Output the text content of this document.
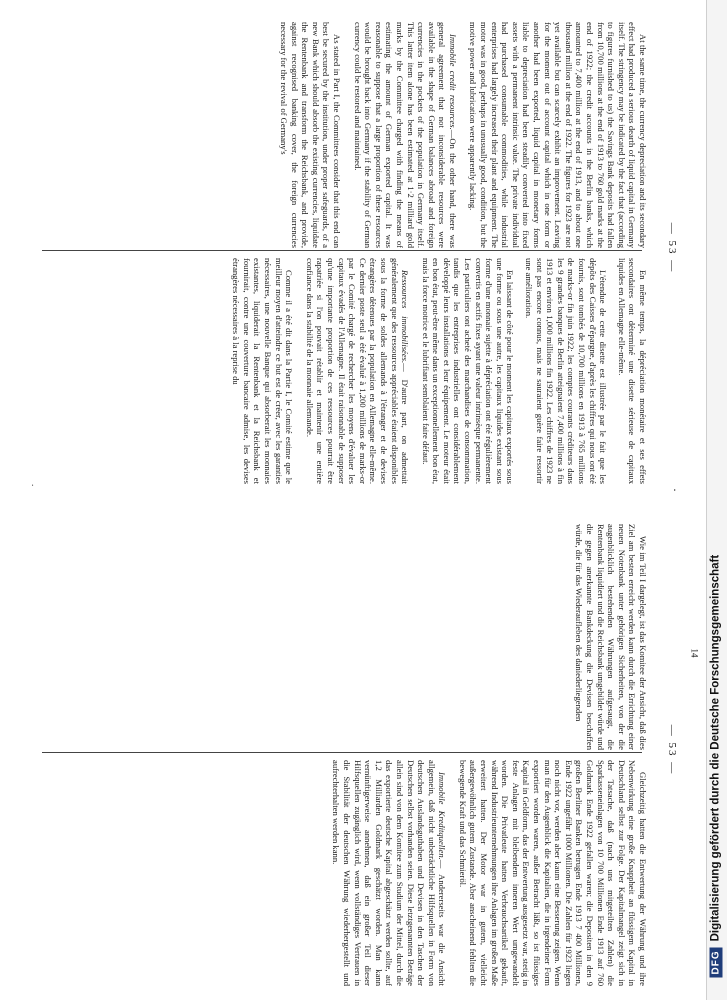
— 53 —

At the same time, the currency depreciation and its secondary effect had produced a serious dearth of liquid capital in Germany itself. The stringency may be indicated by the fact that (according to figures furnished to us) the Savings Bank deposits had fallen from 10,700 millions at the end of 1913 to 760 gold marks at the end of 1922; the credit accounts in the Berlin banks, which amounted to 7,400 million at the end of 1913, and to about one thousand million at the end of 1922. The figures for 1923 are not yet available but can scarcely exhibit an improvement. Leaving for the moment out of account capital which in one form or another had been exported, liquid capital in monetary forms liable to depreciation had been steadily converted into fixed assets with a permanent intrinsic value. The private individual had purchased consumable commodities, while industrial enterprises had largely increased their plant and equipment. The motor was in good, perhaps in unusually good, condition, but the motive power and lubrication were apparently lacking.

Immobile credit resources.—On the other hand, there was general agreement that not inconsiderable resources were available in the shape of German balances abroad and foreign currencies in the pockets of the population in Germany itself. This latter item alone has been estimated at 1·2 milliard gold marks by the Committee charged with finding the means of estimating the amount of German exported capital. It was reasonable to suppose that a large proportion of these resources would be brought back into Germany if the stability of German currency could be restored and maintained.

As stated in Part I, the Committees consider that this end can best be secured by the institution, under proper safeguards, of a new Bank which should absorb the existing currencies, liquidate the Rentenbank and transform the Reichsbank, and provide, against recognised banking cover, the foreign currencies necessary for the revival of Germany's

En même temps, la dépréciation monétaire et ses effets secondaires ont déterminé une disette sérieuse de capitaux liquides en Allemagne elle-même.

L'étendue de cette disette est illustrée par le fait que les dépôts des Caisses d'épargne, d'après les chiffres qui nous ont été fournis, sont tombés de 10,700 millions en 1913 à 765 millions de marks-or fin juin 1922; les comptes courants créditeurs dans les 9 grandes banques de Berlin atteignaient 7,400 millions à fin 1913 et environ 1,000 millions fin 1922. Les chiffres de 1923 ne sont pas encore connus, mais ne sauraient guère faire ressortir une amélioration.

En laissant de côté pour le moment les capitaux exportés sous une forme ou sous une autre, les capitaux liquides existant sous forme d'une monnaie sujette à dépréciation ont été régulièrement convertis en actifs fixes ayant une valeur intrinsèque permanente. Les particuliers ont acheté des marchandises de consommation, tandis que les entreprises industrielles ont considérablement développé leurs installations et leur équipement. Le moteur était en bon état, peut-être même dans un exceptionnellement bon état, mais la force motrice et le lubrifiant semblaient faire défaut.

Ressources immobilisées.— D'autre part, on admettait généralement que des ressources appréciables étaient disponibles sous la forme de soldes allemands à l'étranger et de devises étrangères détenues par la population en Allemagne elle-même. Ce dernier poste seul a été évalué à 1,200 millions de marks-or par le Comité chargé de rechercher les moyens d'évaluer les capitaux évadés de l'Allemagne. Il était raisonnable de supposer qu'une importante proportion de ces ressources pourrait être rapatriée si l'on pouvait rétablir et maintenir une entière confiance dans la stabilité de la monnaie allemande.

Comme il a été dit dans la Partie I, le Comité estime que le meilleur moyen d'atteindre ce but est de créer, avec les garanties nécessaires, une nouvelle Banque qui absorberait les monnaies existantes, liquiderait la Rentenbank et la Reichsbank et fournirait, contre une couverture bancaire admise, les devises étrangères nécessaires à la reprise du

— 53 —

Wie im Teil I dargelegt, ist das Komitee der Ansicht, daß dies Ziel am besten erreicht werden kann durch die Errichtung einer neuen Notenbank unter gehörigen Sicherheiten, von der die augenblicklich bestehenden Währungen aufgesaugt, die Rentenbank liquidiert und die Reichsbank umgebildet würde und die gegen anerkannte Bankdeckung die Devisen beschaffen würde, die für das Wiederaufleben des daniederliegenden

Gleichzeitig hatten die Entwertung der Währung und ihre Nebenwirkung eine große Knappheit an flüssigem Kapital in Deutschland selbst zur Folge. Der Kapitalmangel zeigt sich in der Tatsache, daß (nach uns mitgeteilten Zahlen) die Sparkasseneinlagen von 10 700 Millionen Ende 1913 auf 760 Goldmark Ende 1922 gefallen waren; die Depositen in den 9 großen Berliner Banken betrugen Ende 1913 7 400 Millionen, Ende 1922 ungefähr 1000 Millionen. Die Zahlen für 1923 liegen noch nicht vor, werden aber kaum eine Besserung zeigen. Wenn man für den Augenblick die Kapitalien, die in irgendeiner Form exportiert worden waren, außer Betracht läßt, so ist flüssiges Kapital in Geldform, das der Entwertung ausgesetzt war, stetig in feste Anlagen mit bleibendem inneren Wert umgewandelt worden. Die Privatleute hatten Verbrauchsartikel gekauft, während Industrieunternehmungen ihre Anlagen im großen Maße erweitert hatten. Der Motor war in gutem, vielleicht außergewöhnlich gutem Zustande. Aber anscheinend fehlten die bewegende Kraft und das Schmieröl.

Immobile Kreditquellen.— Andererseits war die Ansicht allgemein, daß nicht unbeträchtliche Hilfsquellen in Form von deutschen Auslandsguthaben und Devisen in den Taschen der Deutschen selbst vorhanden seien. Diese letztgenannten Beträge allein sind von dem Komitee zum Studium der Mittel, durch die das exportierte deutsche Kapital abgeschätzt werden sollte, auf 1,2 Milliarden Goldmark geschätzt worden. Man kann vernünftigerweise annehmen, daß ein großer Teil dieser Hilfsquellen zugänglich wird, wenn vollständiges Vertrauen in die Stabilität der deutschen Währung wiederhergestellt und aufrechterhalten werden kann.

.
·
14
DFGDigitalisierung gefördert durch die Deutsche Forschungsgemeinschaft
